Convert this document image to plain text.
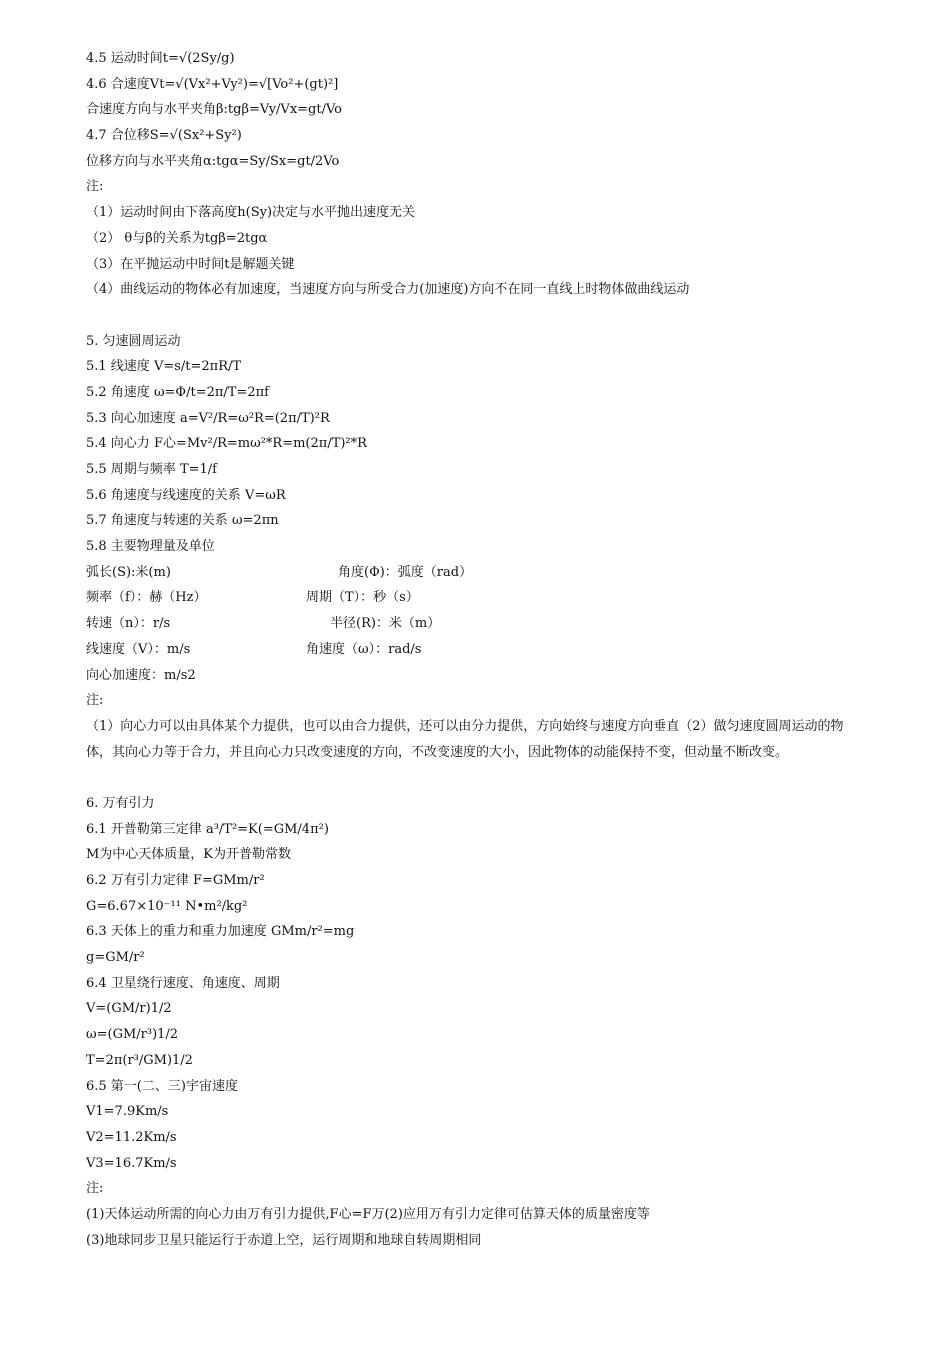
4.5 运动时间t=√(2Sy/g)
4.6 合速度Vt=√(Vx²+Vy²)=√[Vo²+(gt)²]
合速度方向与水平夹角β:tgβ=Vy/Vx=gt/Vo
4.7 合位移S=√(Sx²+Sy²)
位移方向与水平夹角α:tgα=Sy/Sx=gt/2Vo
注:
（1）运动时间由下落高度h(Sy)决定与水平抛出速度无关
（2） θ与β的关系为tgβ=2tgα
（3）在平抛运动中时间t是解题关键
（4）曲线运动的物体必有加速度，当速度方向与所受合力(加速度)方向不在同一直线上时物体做曲线运动
5. 匀速圆周运动
5.1 线速度 V=s/t=2πR/T
5.2 角速度 ω=Φ/t=2π/T=2πf
5.3 向心加速度 a=V²/R=ω²R=(2π/T)²R
5.4 向心力 F心=Mv²/R=mω²*R=m(2π/T)²*R
5.5 周期与频率 T=1/f
5.6 角速度与线速度的关系 V=ωR
5.7 角速度与转速的关系 ω=2πn
5.8 主要物理量及单位
弧长(S):米(m)	角度(Φ)：弧度（rad）
频率（f）：赫（Hz）	周期（T）：秒（s）
转速（n）：r/s	半径(R)：米（m）
线速度（V）：m/s	角速度（ω）：rad/s
向心加速度：m/s2
注:
（1）向心力可以由具体某个力提供，也可以由合力提供，还可以由分力提供，方向始终与速度方向垂直（2）做匀速度圆周运动的物体，其向心力等于合力，并且向心力只改变速度的方向，不改变速度的大小，因此物体的动能保持不变，但动量不断改变。
6. 万有引力
6.1 开普勒第三定律 a³/T²=K(=GM/4π²)
M为中心天体质量，K为开普勒常数
6.2 万有引力定律 F=GMm/r²
G=6.67×10⁻¹¹ N•m²/kg²
6.3 天体上的重力和重力加速度 GMm/r²=mg
g=GM/r²
6.4 卫星绕行速度、角速度、周期
V=(GM/r)1/2
ω=(GM/r³)1/2
T=2π(r³/GM)1/2
6.5 第一(二、三)宇宙速度
V1=7.9Km/s
V2=11.2Km/s
V3=16.7Km/s
注:
(1)天体运动所需的向心力由万有引力提供,F心=F万(2)应用万有引力定律可估算天体的质量密度等
(3)地球同步卫星只能运行于赤道上空，运行周期和地球自转周期相同
